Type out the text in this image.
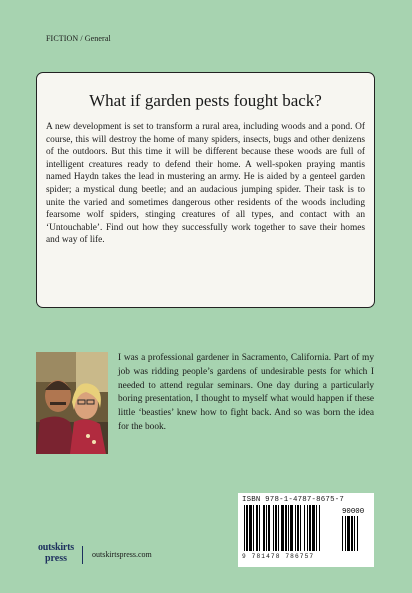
FICTION / General
What if garden pests fought back?

A new development is set to transform a rural area, including woods and a pond. Of course, this will destroy the home of many spiders, insects, bugs and other denizens of the outdoors. But this time it will be different because these woods are full of intelligent creatures ready to defend their home. A well-spoken praying mantis named Haydn takes the lead in mustering an army. He is aided by a genteel garden spider; a mystical dung beetle; and an audacious jumping spider. Their task is to unite the varied and sometimes dangerous other residents of the woods including fearsome wolf spiders, stinging creatures of all types, and contact with an ‘Untouchable’. Find out how they successfully work together to save their homes and way of life.

I was a professional gardener in Sacramento, California. Part of my job was ridding people’s gardens of undesirable pests for which I needed to attend regular seminars. One day during a particularly boring presentation, I thought to myself what would happen if these little ‘beasties’ knew how to fight back. And so was born the idea for the book.

ISBN 978-1-4787-8675-7
90000
9 781478 786757
outskirts
press	outskirtspress.com
